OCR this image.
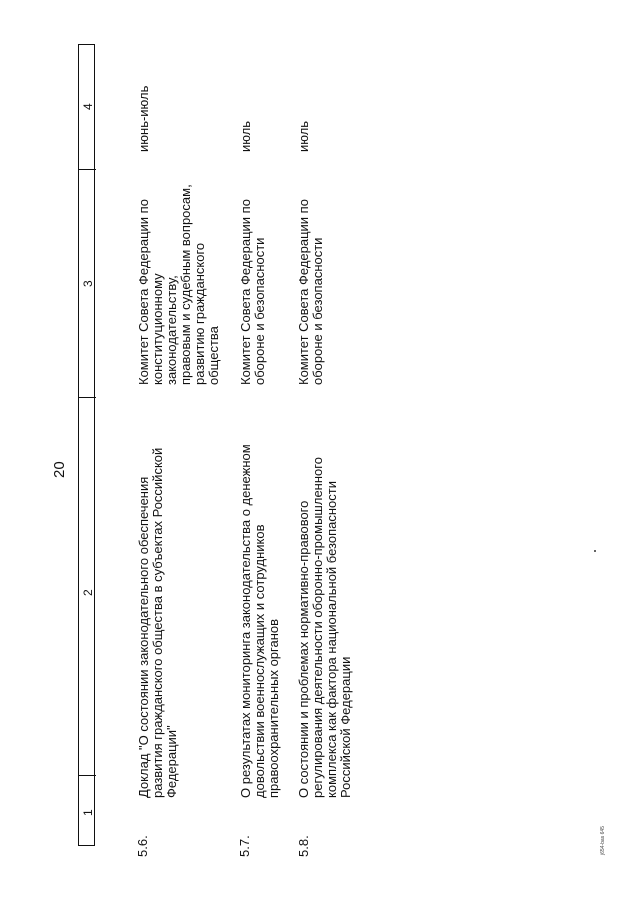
20
1
2
3
4
5.6.
Доклад "О состоянии законодательного обеспечения
развития гражданского общества в субъектах Российской
Федерации"
Комитет Совета Федерации по
конституционному
законодательству,
правовым и судебным вопросам,
развитию гражданского
общества
июнь-июль
5.7.
О результатах мониторинга законодательства о денежном
довольствии военнослужащих и сотрудников
правоохранительных органов
Комитет Совета Федерации по
обороне и безопасности
июль
5.8.
О состоянии и проблемах нормативно-правового
регулирования деятельности оборонно-промышленного
комплекса как фактора национальной безопасности
Российской Федерации
Комитет Совета Федерации по
обороне и безопасности
июль
j654-bas 645
